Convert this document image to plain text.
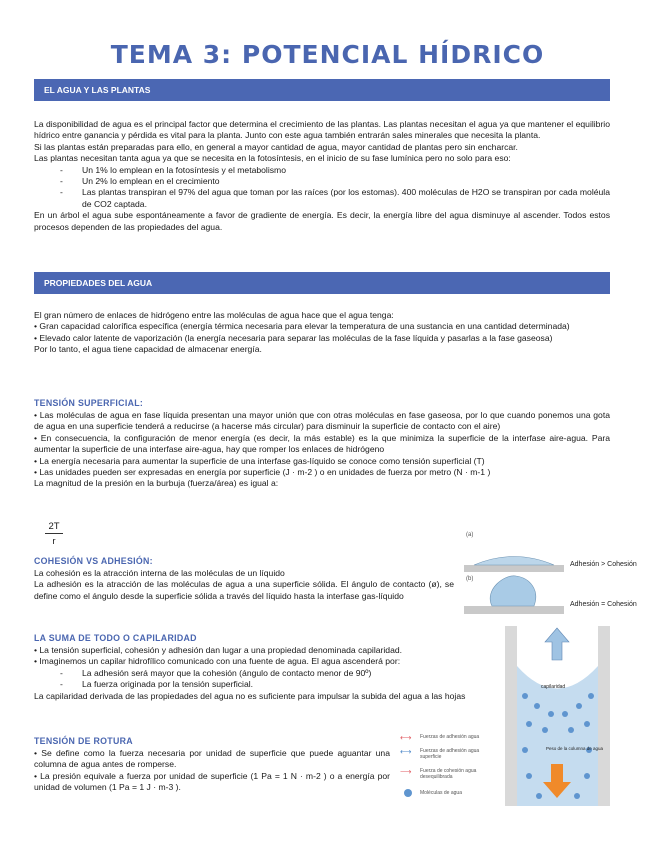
TEMA 3: POTENCIAL HÍDRICO
EL AGUA Y LAS PLANTAS

La disponibilidad de agua es el principal factor que determina el crecimiento de las plantas. Las plantas necesitan el agua ya que mantener el equilibrio hídrico entre ganancia y pérdida es vital para la planta. Junto con este agua también entrarán sales minerales que necesita la planta.

Si las plantas están preparadas para ello, en general a mayor cantidad de agua, mayor cantidad de plantas pero sin encharcar.

Las plantas necesitan tanta agua ya que se necesita en la fotosíntesis, en el inicio de su fase lumínica pero no solo para eso:

- Un 1% lo emplean en la fotosíntesis y el metabolismo

- Un 2% lo emplean en el crecimiento

- Las plantas transpiran el 97% del agua que toman por las raíces (por los estomas). 400 moléculas de H2O se transpiran por cada moléula de CO2 captada.

En un árbol el agua sube espontáneamente a favor de gradiente de energía. Es decir, la energía libre del agua disminuye al ascender. Todos estos procesos dependen de las propiedades del agua.

PROPIEDADES DEL AGUA

El gran número de enlaces de hidrógeno entre las moléculas de agua hace que el agua tenga:

• Gran capacidad calorífica específica (energía térmica necesaria para elevar la temperatura de una sustancia en una cantidad determinada)

• Elevado calor latente de vaporización (la energía necesaria para separar las moléculas de la fase líquida y pasarlas a la fase gaseosa)

Por lo tanto, el agua tiene capacidad de almacenar energía.

TENSIÓN SUPERFICIAL:

• Las moléculas de agua en fase líquida presentan una mayor unión que con otras moléculas en fase gaseosa, por lo que cuando ponemos una gota de agua en una superficie tenderá a reducirse (a hacerse más circular) para disminuir la superficie de contacto con el aire)

• En consecuencia, la configuración de menor energía (es decir, la más estable) es la que minimiza la superficie de la interfase aire-agua. Para aumentar la superficie de una interfase aire-agua, hay que romper los enlaces de hidrógeno

• La energía necesaria para aumentar la superficie de una interfase gas-líquido se conoce como tensión superficial (T)

• Las unidades pueden ser expresadas en energía por superficie (J · m-2 ) o en unidades de fuerza por metro (N · m-1 )

La magnitud de la presión en la burbuja (fuerza/área) es igual a:

$\frac{2T}{r}$
COHESIÓN VS ADHESIÓN:

La cohesión es la atracción interna de las moléculas de un líquido

La adhesión es la atracción de las moléculas de agua a una superficie sólida. El ángulo de contacto (ø), se define como el ángulo desde la superficie sólida a través del líquido hasta la interfase gas-líquido

(a)
(b)
Adhesión > Cohesión
Adhesión = Cohesión
LA SUMA DE TODO O CAPILARIDAD

• La tensión superficial, cohesión y adhesión dan lugar a una propiedad denominada capilaridad.

• Imaginemos un capilar hidrofílico comunicado con una fuente de agua. El agua ascenderá por:

- La adhesión será mayor que la cohesión (ángulo de contacto menor de 90º)

- La fuerza originada por la tensión superficial.

La capilaridad derivada de las propiedades del agua no es suficiente para impulsar la subida del agua a las hojas

capilaridad
Peso de la columna de agua
TENSIÓN DE ROTURA

• Se define como la fuerza necesaria por unidad de superficie que puede aguantar una columna de agua antes de romperse.

• La presión equivale a fuerza por unidad de superficie (1 Pa = 1 N · m-2 ) o a energía por unidad de volumen (1 Pa = 1 J · m-3 ).

⟷ Fuerzas de adhesión agua
⟷ Fuerzas de adhesión agua superficie
⟶ Fuerza de cohesión agua desequilibrada
Moléculas de agua
